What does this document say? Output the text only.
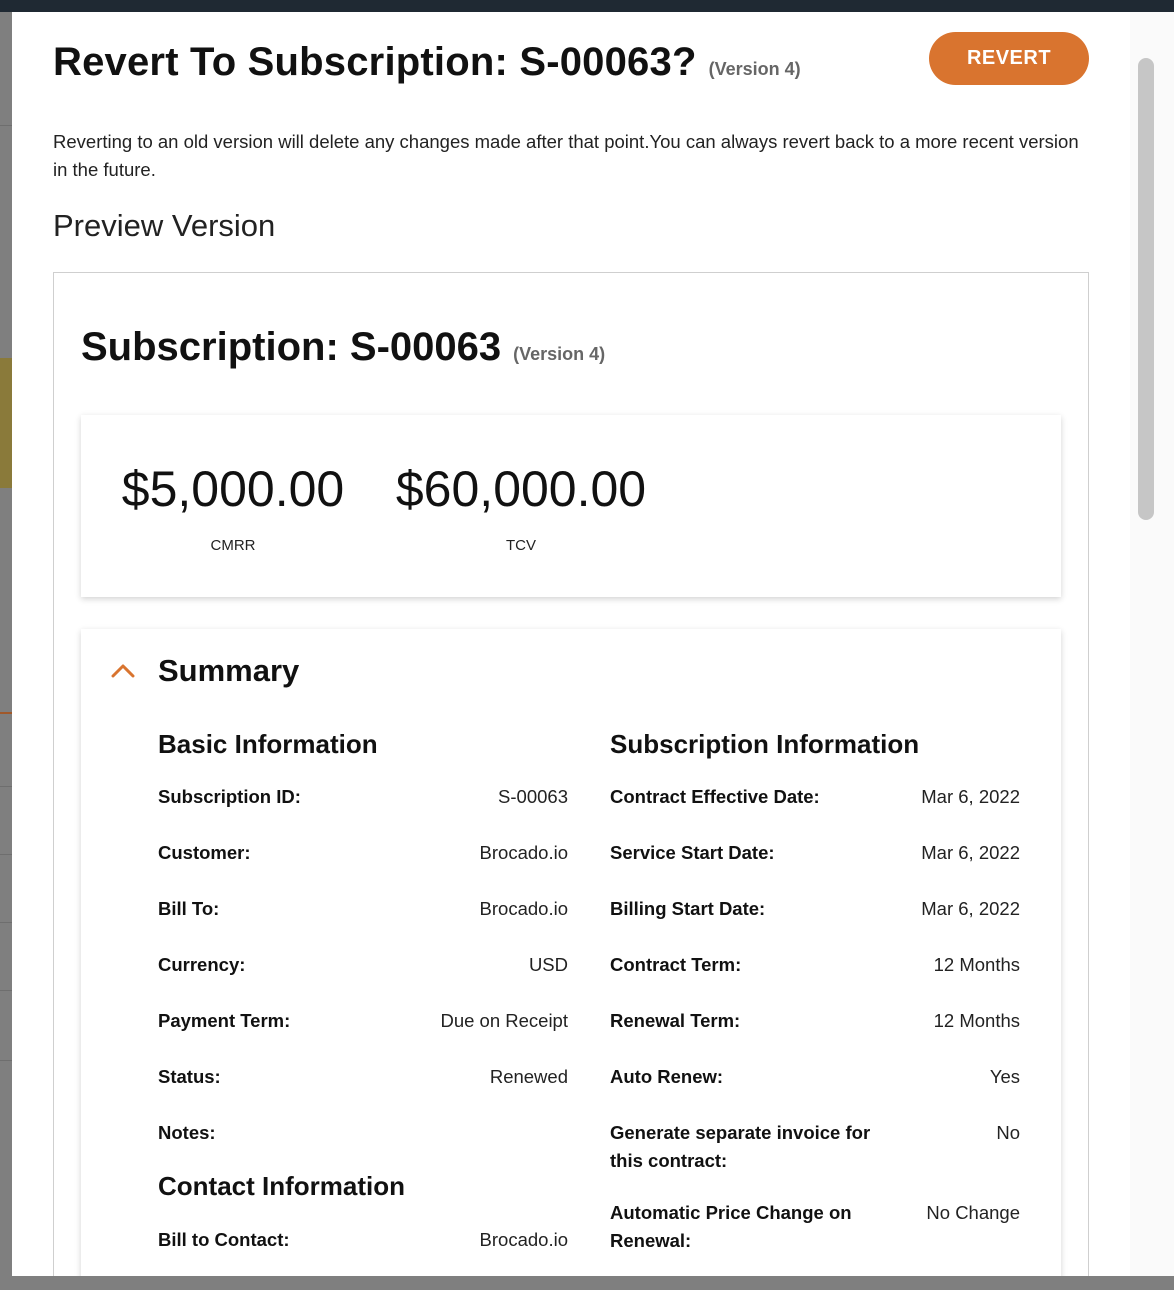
Revert To Subscription: S-00063? (Version 4)	REVERT
Reverting to an old version will delete any changes made after that point.You can always revert back to a more recent version in the future.
Preview Version
Subscription: S-00063 (Version 4)
$5,000.00
CMRR
$60,000.00
TCV
Summary
Basic Information
Subscription ID:	S-00063
Customer:	Brocado.io
Bill To:	Brocado.io
Currency:	USD
Payment Term:	Due on Receipt
Status:	Renewed
Notes:
Contact Information
Bill to Contact:	Brocado.io
Subscription Information
Contract Effective Date:	Mar 6, 2022
Service Start Date:	Mar 6, 2022
Billing Start Date:	Mar 6, 2022
Contract Term:	12 Months
Renewal Term:	12 Months
Auto Renew:	Yes
Generate separate invoice for this contract:
No
Automatic Price Change on Renewal:
No Change
